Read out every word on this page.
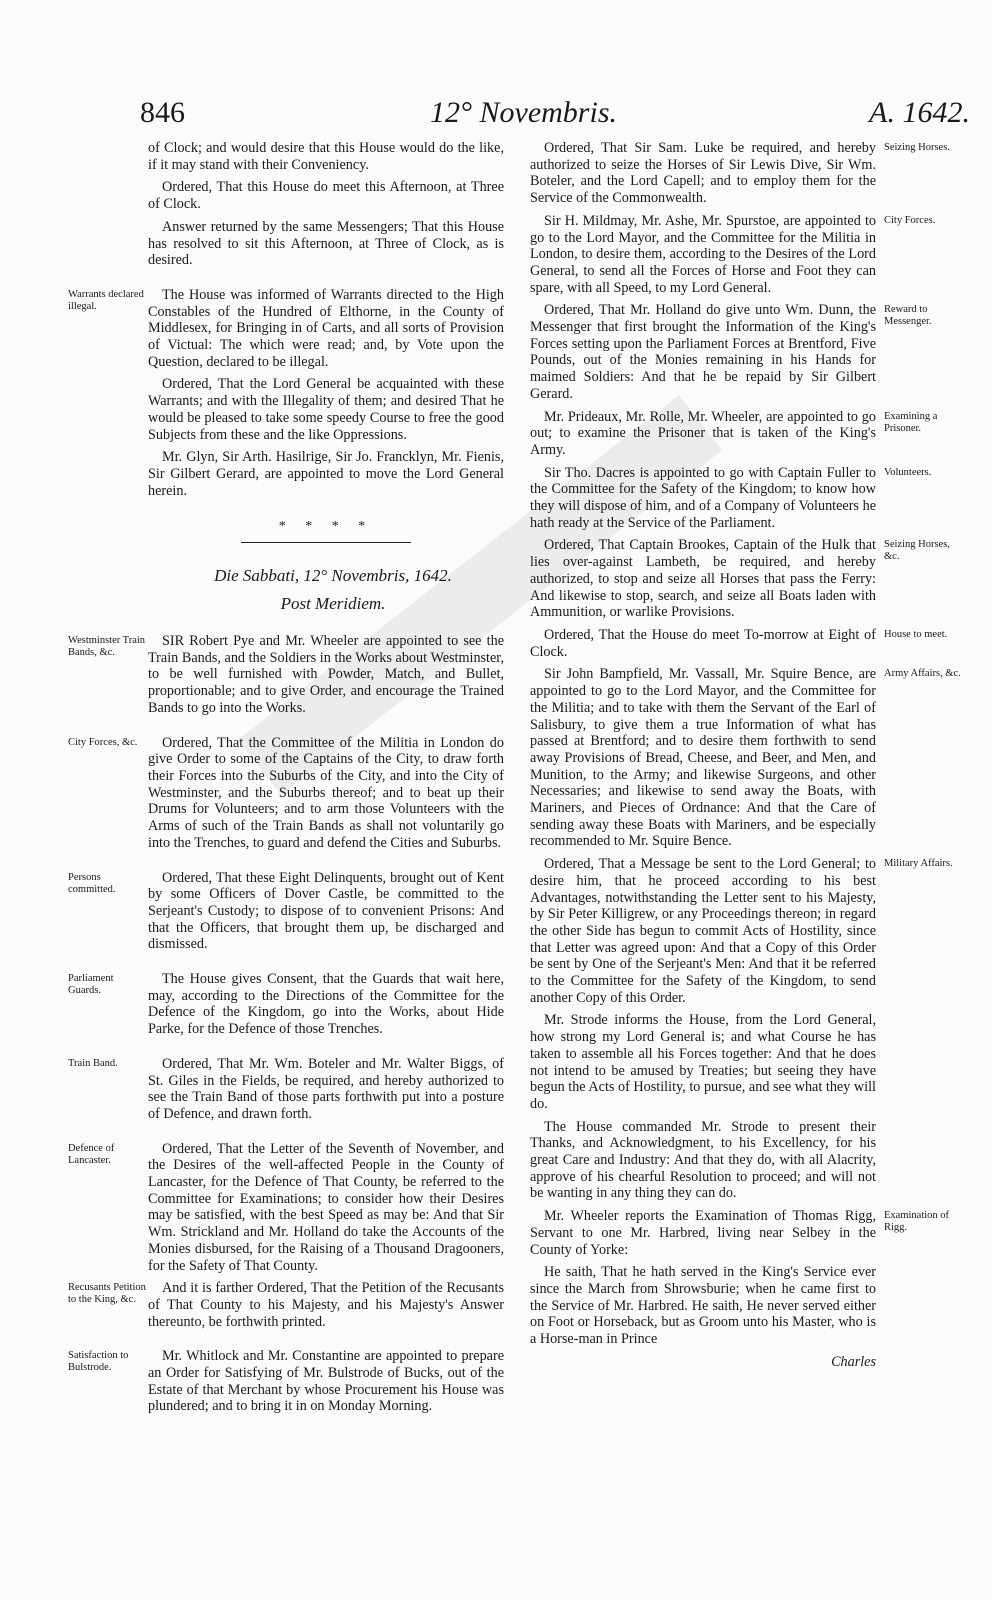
846	12° Novembris.	A. 1642.

of Clock; and would desire that this House would do the like, if it may stand with their Conveniency.

Ordered, That this House do meet this Afternoon, at Three of Clock.

Answer returned by the same Messengers; That this House has resolved to sit this Afternoon, at Three of Clock, as is desired.

Warrants declared illegal.

The House was informed of Warrants directed to the High Constables of the Hundred of Elthorne, in the County of Middlesex, for Bringing in of Carts, and all sorts of Provision of Victual: The which were read; and, by Vote upon the Question, declared to be illegal.

Ordered, That the Lord General be acquainted with these Warrants; and with the Illegality of them; and desired That he would be pleased to take some speedy Course to free the good Subjects from these and the like Oppressions.

Mr. Glyn, Sir Arth. Hasilrige, Sir Jo. Francklyn, Mr. Fienis, Sir Gilbert Gerard, are appointed to move the Lord General herein.

* * * *

Die Sabbati, 12° Novembris, 1642.

Post Meridiem.

Westminster Train Bands, &c.

SIR Robert Pye and Mr. Wheeler are appointed to see the Train Bands, and the Soldiers in the Works about Westminster, to be well furnished with Powder, Match, and Bullet, proportionable; and to give Order, and encourage the Trained Bands to go into the Works.

City Forces, &c.	Ordered, That the Committee of the Militia in London do give Order to some of the Captains of the City, to draw forth their Forces into the Suburbs of the City, and into the City of Westminster, and the Suburbs thereof; and to beat up their Drums for Volunteers; and to arm those Volunteers with the Arms of such of the Train Bands as shall not voluntarily go into the Trenches, to guard and defend the Cities and Suburbs.

Persons committed.

Ordered, That these Eight Delinquents, brought out of Kent by some Officers of Dover Castle, be committed to the Serjeant's Custody; to dispose of to convenient Prisons: And that the Officers, that brought them up, be discharged and dismissed.

Parliament Guards.

The House gives Consent, that the Guards that wait here, may, according to the Directions of the Committee for the Defence of the Kingdom, go into the Works, about Hide Parke, for the Defence of those Trenches.

Train Band.	Ordered, That Mr. Wm. Boteler and Mr. Walter Biggs, of St. Giles in the Fields, be required, and hereby authorized to see the Train Band of those parts forthwith put into a posture of Defence, and drawn forth.

Defence of Lancaster.

Ordered, That the Letter of the Seventh of November, and the Desires of the well-affected People in the County of Lancaster, for the Defence of That County, be referred to the Committee for Examinations; to consider how their Desires may be satisfied, with the best Speed as may be: And that Sir Wm. Strickland and Mr. Holland do take the Accounts of the Monies disbursed, for the Raising of a Thousand Dragooners, for the Safety of That County.

Recusants Petition to the King, &c.

And it is farther Ordered, That the Petition of the Recusants of That County to his Majesty, and his Majesty's Answer thereunto, be forthwith printed.

Satisfaction to Bulstrode.

Mr. Whitlock and Mr. Constantine are appointed to prepare an Order for Satisfying of Mr. Bulstrode of Bucks, out of the Estate of that Merchant by whose Procurement his House was plundered; and to bring it in on Monday Morning.

Seizing Horses.

Ordered, That Sir Sam. Luke be required, and hereby authorized to seize the Horses of Sir Lewis Dive, Sir Wm. Boteler, and the Lord Capell; and to employ them for the Service of the Commonwealth.

City Forces.

Sir H. Mildmay, Mr. Ashe, Mr. Spurstoe, are appointed to go to the Lord Mayor, and the Committee for the Militia in London, to desire them, according to the Desires of the Lord General, to send all the Forces of Horse and Foot they can spare, with all Speed, to my Lord General.

Reward to Messenger.

Ordered, That Mr. Holland do give unto Wm. Dunn, the Messenger that first brought the Information of the King's Forces setting upon the Parliament Forces at Brentford, Five Pounds, out of the Monies remaining in his Hands for maimed Soldiers: And that he be repaid by Sir Gilbert Gerard.

Examining a Prisoner.

Mr. Prideaux, Mr. Rolle, Mr. Wheeler, are appointed to go out; to examine the Prisoner that is taken of the King's Army.

Volunteers.

Sir Tho. Dacres is appointed to go with Captain Fuller to the Committee for the Safety of the Kingdom; to know how they will dispose of him, and of a Company of Volunteers he hath ready at the Service of the Parliament.

Seizing Horses, &c.

Ordered, That Captain Brookes, Captain of the Hulk that lies over-against Lambeth, be required, and hereby authorized, to stop and seize all Horses that pass the Ferry: And likewise to stop, search, and seize all Boats laden with Ammunition, or warlike Provisions.

House to meet.

Ordered, That the House do meet To-morrow at Eight of Clock.

Army Affairs, &c.

Sir John Bampfield, Mr. Vassall, Mr. Squire Bence, are appointed to go to the Lord Mayor, and the Committee for the Militia; and to take with them the Servant of the Earl of Salisbury, to give them a true Information of what has passed at Brentford; and to desire them forthwith to send away Provisions of Bread, Cheese, and Beer, and Men, and Munition, to the Army; and likewise Surgeons, and other Necessaries; and likewise to send away the Boats, with Mariners, and Pieces of Ordnance: And that the Care of sending away these Boats with Mariners, and be especially recommended to Mr. Squire Bence.

Military Affairs.

Ordered, That a Message be sent to the Lord General; to desire him, that he proceed according to his best Advantages, notwithstanding the Letter sent to his Majesty, by Sir Peter Killigrew, or any Proceedings thereon; in regard the other Side has begun to commit Acts of Hostility, since that Letter was agreed upon: And that a Copy of this Order be sent by One of the Serjeant's Men: And that it be referred to the Committee for the Safety of the Kingdom, to send another Copy of this Order.

Mr. Strode informs the House, from the Lord General, how strong my Lord General is; and what Course he has taken to assemble all his Forces together: And that he does not intend to be amused by Treaties; but seeing they have begun the Acts of Hostility, to pursue, and see what they will do.

The House commanded Mr. Strode to present their Thanks, and Acknowledgment, to his Excellency, for his great Care and Industry: And that they do, with all Alacrity, approve of his chearful Resolution to proceed; and will not be wanting in any thing they can do.

Examination of Rigg.

Mr. Wheeler reports the Examination of Thomas Rigg, Servant to one Mr. Harbred, living near Selbey in the County of Yorke:

He saith, That he hath served in the King's Service ever since the March from Shrowsburie; when he came first to the Service of Mr. Harbred. He saith, He never served either on Foot or Horseback, but as Groom unto his Master, who is a Horse-man in Prince

Charles
